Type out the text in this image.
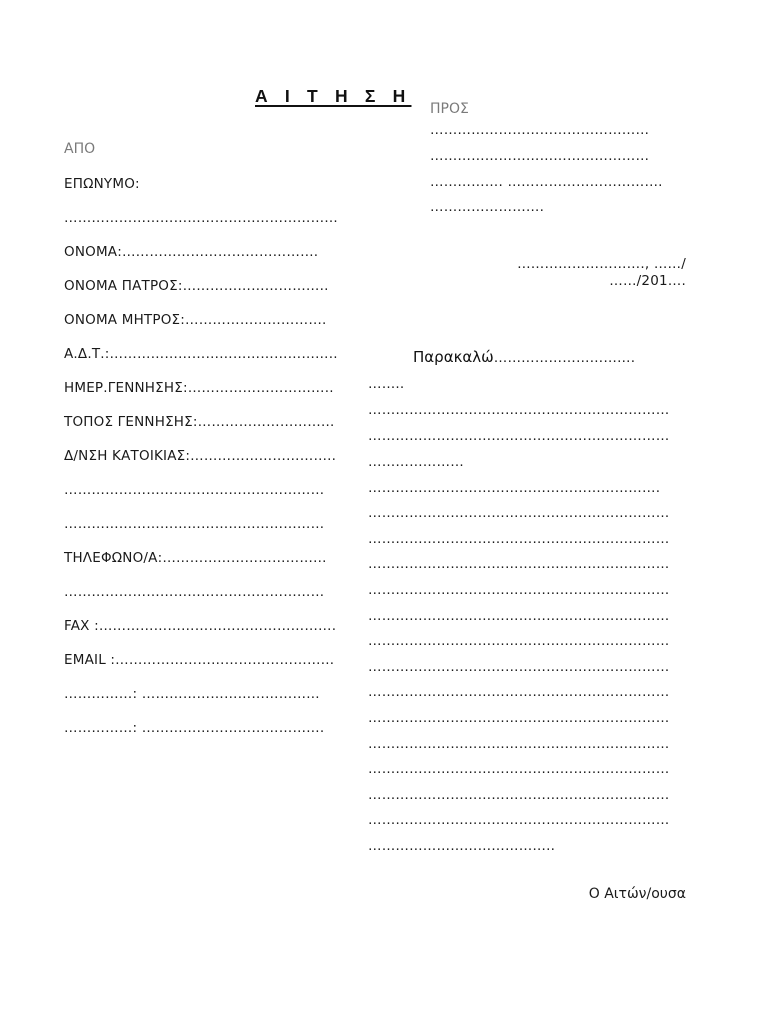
Α Ι Τ Η Σ Η
ΑΠΟ
ΕΠΩΝΥΜΟ:
……………………………………………………
ΟΝΟΜΑ:…………………………………….
ΟΝΟΜΑ ΠΑΤΡΟΣ:…………………………..
ΟΝΟΜΑ ΜΗΤΡΟΣ:………………………….
Α.Δ.Τ.:…………………………………………..
ΗΜΕΡ.ΓΕΝΝΗΣΗΣ:…………………………..
ΤΟΠΟΣ ΓΕΝΝΗΣΗΣ:…………………………
Δ/ΝΣΗ ΚΑΤΟΙΚΙΑΣ:…………………………..
…………………………………………………
…………………………………………………
ΤΗΛΕΦΩΝΟ/Α:………………………………
…………………………………………………
FAX :…………………………………………….
EMAIL :…………………………………………
……………: …………………………………
……………: ………………………………….
ΠΡΟΣ
…………………………………………
…………………………………………
……………. …………………………….
…………………….
………………………., ……/
……/201….
Παρακαλώ………………………….
……..
…………………………………………………………
…………………………………………………………
…………………
……………………………………………………….
…………………………………………………………
…………………………………………………………
…………………………………………………………
…………………………………………………………
…………………………………………………………
…………………………………………………………
…………………………………………………………
…………………………………………………………
…………………………………………………………
…………………………………………………………
…………………………………………………………
…………………………………………………………
…………………………………………………………
…………………………………..
Ο Αιτών/ουσα
